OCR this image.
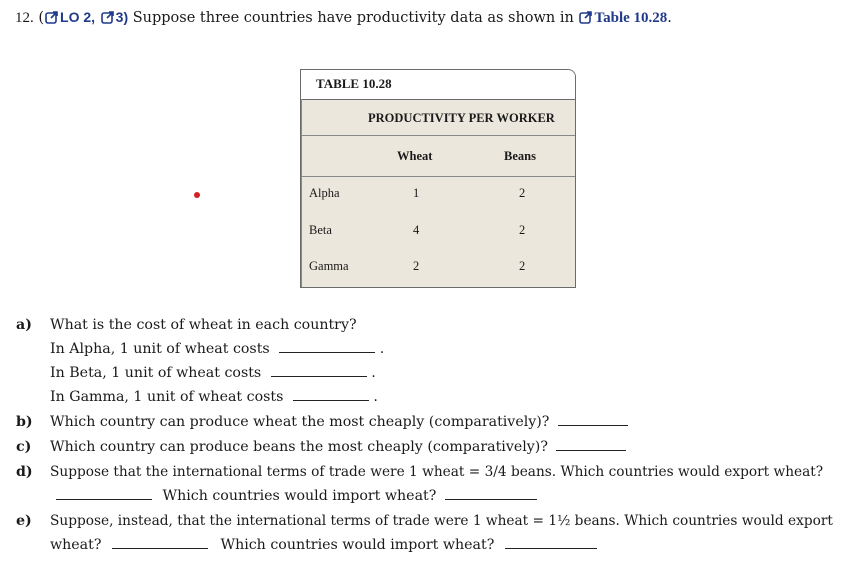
12. ( LO 2, 3) Suppose three countries have productivity data as shown in Table 10.28.
TABLE 10.28
PRODUCTIVITY PER WORKER
Wheat	Beans
Alpha	1	2
Beta	4	2
Gamma	2	2
a) What is the cost of wheat in each country?
In Alpha, 1 unit of wheat costs	.
In Beta, 1 unit of wheat costs	.
In Gamma, 1 unit of wheat costs	.
b) Which country can produce wheat the most cheaply (comparatively)?
c) Which country can produce beans the most cheaply (comparatively)?
d) Suppose that the international terms of trade were 1 wheat = 3/4 beans. Which countries would export wheat?
Which countries would import wheat?
e) Suppose, instead, that the international terms of trade were 1 wheat = 1½ beans. Which countries would export
wheat?	Which countries would import wheat?
